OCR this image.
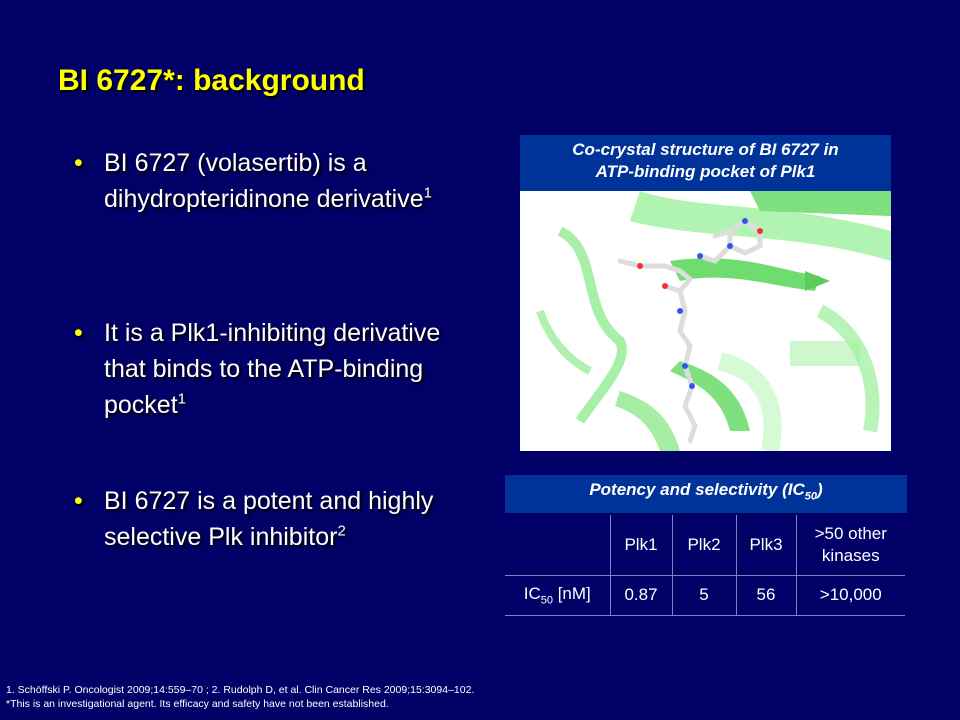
BI 6727*: background
• BI 6727 (volasertib) is a dihydropteridinone derivative$^1$
• It is a Plk1-inhibiting derivative that binds to the ATP-binding pocket$^1$
• BI 6727 is a potent and highly selective Plk inhibitor$^2$
Co-crystal structure of BI 6727 in
ATP-binding pocket of Plk1
Potency and selectivity $(IC_{50})$
	Plk1	Plk2	Plk3	>50 other kinases
$IC_{50}$ [nM]	0.87	5	56	>10,000
1. Schöffski P. Oncologist 2009;14:559–70 ; 2. Rudolph D, et al. Clin Cancer Res 2009;15:3094–102.
*This is an investigational agent. Its efficacy and safety have not been established.
